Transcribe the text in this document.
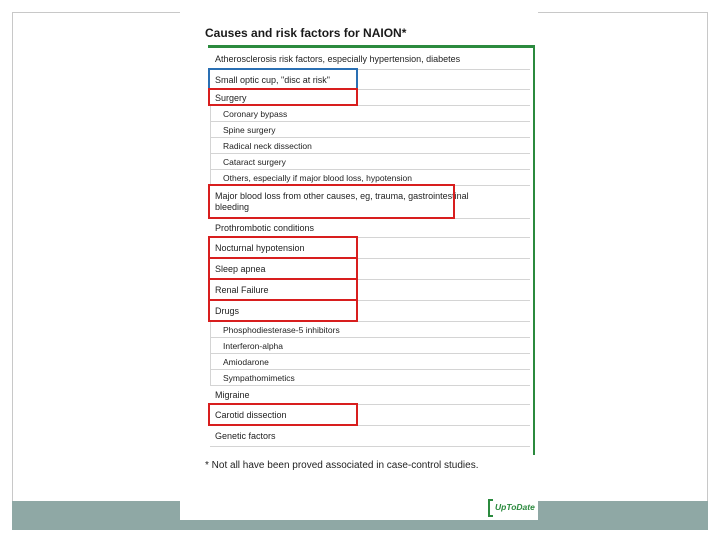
Causes and risk factors for NAION*
Atherosclerosis risk factors, especially hypertension, diabetes
Small optic cup, "disc at risk"
Surgery
Coronary bypass
Spine surgery
Radical neck dissection
Cataract surgery
Others, especially if major blood loss, hypotension
Major blood loss from other causes, eg, trauma, gastrointestinal bleeding
Prothrombotic conditions
Nocturnal hypotension
Sleep apnea
Renal Failure
Drugs
Phosphodiesterase-5 inhibitors
Interferon-alpha
Amiodarone
Sympathomimetics
Migraine
Carotid dissection
Genetic factors
* Not all have been proved associated in case-control studies.
UpToDate
